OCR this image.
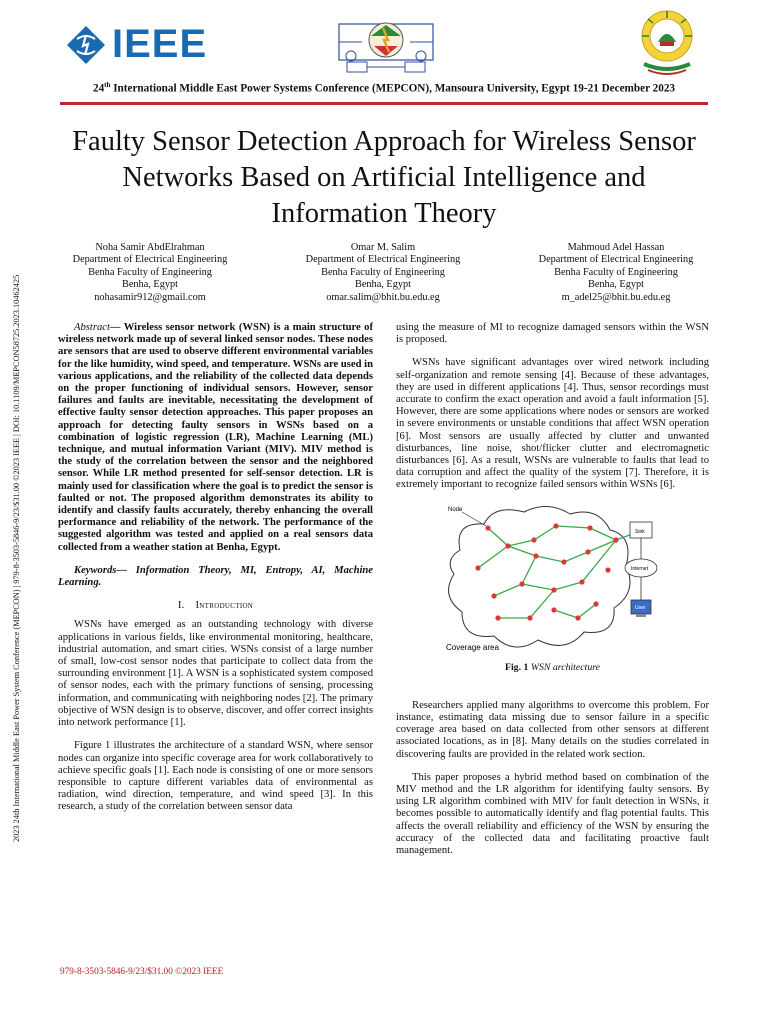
IEEE
24th International Middle East Power Systems Conference (MEPCON), Mansoura University, Egypt 19-21 December 2023
2023 24th International Middle East Power System Conference (MEPCON) | 979-8-3503-5846-9/23/$31.00 ©2023 IEEE | DOI: 10.1109/MEPCON58725.2023.10462425
Faulty Sensor Detection Approach for Wireless Sensor Networks Based on Artificial Intelligence and Information Theory
Noha Samir AbdElrahman
Department of Electrical Engineering
Benha Faculty of Engineering
Benha, Egypt
nohasamir912@gmail.com
Omar M. Salim
Department of Electrical Engineering
Benha Faculty of Engineering
Benha, Egypt
omar.salim@bhit.bu.edu.eg
Mahmoud Adel Hassan
Department of Electrical Engineering
Benha Faculty of Engineering
Benha, Egypt
m_adel25@bhit.bu.edu.eg

Abstract— Wireless sensor network (WSN) is a main structure of wireless network made up of several linked sensor nodes. These nodes are sensors that are used to observe different environmental variables for the like humidity, wind speed, and temperature. WSNs are used in various applications, and the reliability of the collected data depends on the proper functioning of individual sensors. However, sensor failures and faults are inevitable, necessitating the development of effective faulty sensor detection approaches. This paper proposes an approach for detecting faulty sensors in WSNs based on a combination of logistic regression (LR), Machine Learning (ML) technique, and mutual information Variant (MIV). MIV method is the study of the correlation between the sensor and the neighbored sensor. While LR method presented for self-sensor detection. LR is mainly used for classification where the goal is to predict the sensor is faulted or not. The proposed algorithm demonstrates its ability to identify and classify faults accurately, thereby enhancing the overall performance and reliability of the network. The performance of the suggested algorithm was tested and applied on a real sensors data collected from a weather station at Benha, Egypt.

Keywords— Information Theory, MI, Entropy, AI, Machine Learning.

I. Introduction

WSNs have emerged as an outstanding technology with diverse applications in various fields, like environmental monitoring, healthcare, industrial automation, and smart cities. WSNs consist of a large number of small, low-cost sensor nodes that participate to collect data from the surrounding environment [1]. A WSN is a sophisticated system composed of sensor nodes, each with the primary functions of sensing, processing information, and communicating with neighboring nodes [2]. The primary objective of WSN design is to observe, discover, and offer correct insights into network performance [1].

Figure 1 illustrates the architecture of a standard WSN, where sensor nodes can organize into specific coverage area for work collaboratively to achieve specific goals [1]. Each node is consisting of one or more sensors responsible to capture different variables data of environmental as radiation, wind direction, temperature, and wind speed [3]. In this research, a study of the correlation between sensor data

using the measure of MI to recognize damaged sensors within the WSN is proposed.

WSNs have significant advantages over wired network including self-organization and remote sensing [4]. Because of these advantages, they are used in different applications [4]. Thus, sensor recordings must accurate to confirm the exact operation and avoid a fault information [5]. However, there are some applications where nodes or sensors are worked in severe environments or unstable conditions that affect WSN operation [6]. Most sensors are usually affected by clutter and unwanted disturbances, line noise, shot/flicker clutter and electromagnetic disturbances [6]. As a result, WSNs are vulnerable to faults that lead to data corruption and affect the quality of the system [7]. Therefore, it is extremely important to recognize failed sensors within WSNs [6].

Sink
Internet
User
Node
Coverage area

Fig. 1 WSN architecture

Researchers applied many algorithms to overcome this problem. For instance, estimating data missing due to sensor failure in a specific coverage area based on data collected from other sensors at different associated locations, as in [8]. Many details on the studies correlated in discovering faults are provided in the related work section.

This paper proposes a hybrid method based on combination of the MIV method and the LR algorithm for identifying faulty sensors. By using LR algorithm combined with MIV for fault detection in WSNs, it becomes possible to automatically identify and flag potential faults. This affects the overall reliability and efficiency of the WSN by ensuring the accuracy of the collected data and facilitating proactive fault management.

979-8-3503-5846-9/23/$31.00 ©2023 IEEE
